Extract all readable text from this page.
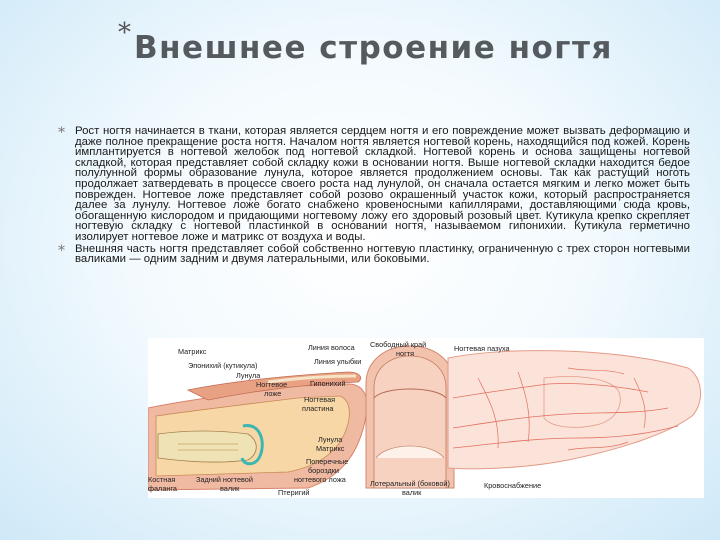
* Внешнее строение ногтя
* Рост ногтя начинается в ткани, которая является сердцем ногтя и его повреждение может вызвать деформацию и даже полное прекращение роста ногтя. Началом ногтя является ногтевой корень, находящийся под кожей. Корень имплантируется в ногтевой желобок под ногтевой складкой. Ногтевой корень и основа защищены ногтевой складкой, которая представляет собой складку кожи в основании ногтя. Выше ногтевой складки находится бедое полулунной формы образование лунула, которое является продолжением основы. Так как растущий ноготь продолжает затвердевать в процессе своего роста над лунулой, он сначала остается мягким и легко может быть поврежден. Ногтевое ложе представляет собой розово окрашенный участок кожи, который распространяется далее за лунулу. Ногтевое ложе богато снабжено кровеносными капиллярами, доставляющими сюда кровь, обогащенную кислородом и придающими ногтевому ложу его здоровый розовый цвет. Кутикула крепко скрепляет ногтевую складку с ногтевой пластинкой в основании ногтя, называемом гипонихии. Кутикула герметично изолирует ногтевое ложе и матрикс от воздуха и воды.
* Внешняя часть ногтя представляет собой собственно ногтевую пластинку, ограниченную с трех сторон ногтевыми валиками — одним задним и двумя латеральными, или боковыми.
Матрикс
Эпонихий (кутикула)
Лунула
Ногтевое
ложе
Костная
фаланга
Задний ногтевой
валик
Линия волоса
Линия улыбки
Свободный край
ногтя
Гипонихий
Ногтевая
пластина
Лунула
Матрикс
Поперечные
бороздки
ногтевого ложа
Птеригий
Лотеральный (боковой)
валик
Ногтевая пазуха
Кровоснабжение
